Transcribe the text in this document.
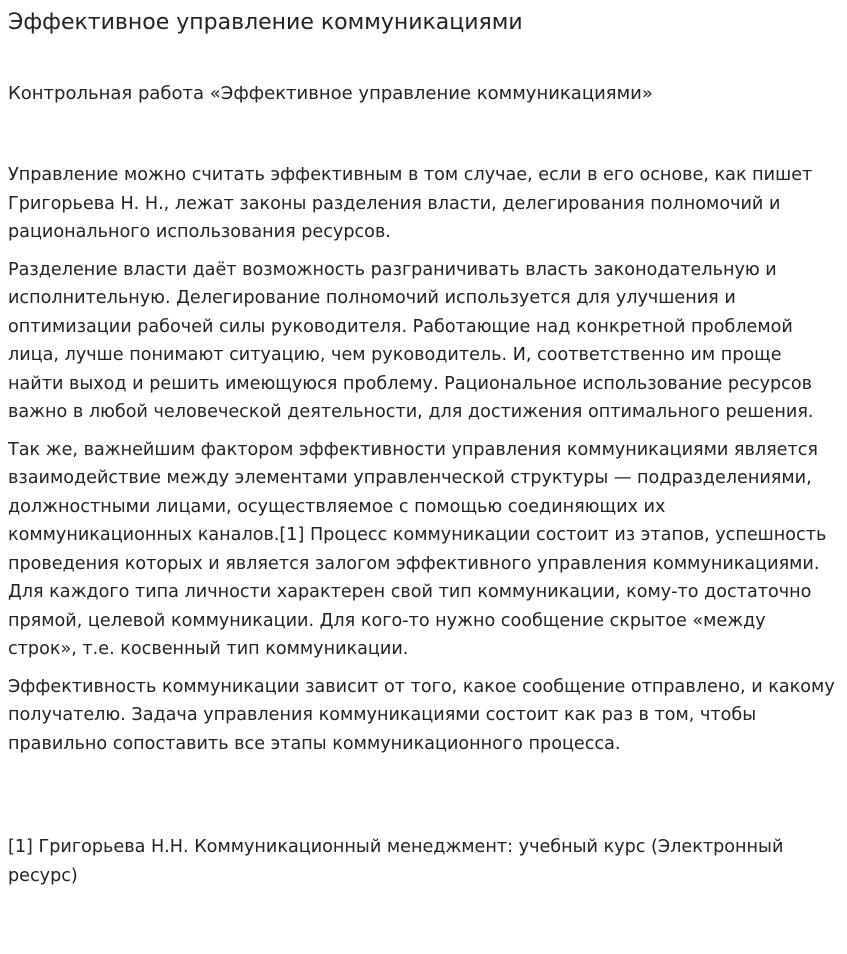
Эффективное управление коммуникациями
Контрольная работа «Эффективное управление коммуникациями»

Управление можно считать эффективным в том случае, если в его основе, как пишет Григорьева Н. Н., лежат законы разделения власти, делегирования полномочий и рационального использования ресурсов.

Разделение власти даёт возможность разграничивать власть законодательную и исполнительную. Делегирование полномочий используется для улучшения и оптимизации рабочей силы руководителя. Работающие над конкретной проблемой лица, лучше понимают ситуацию, чем руководитель. И, соответственно им проще найти выход и решить имеющуюся проблему. Рациональное использование ресурсов важно в любой человеческой деятельности, для достижения оптимального решения.

Так же, важнейшим фактором эффективности управления коммуникациями является взаимодействие между элементами управленческой структуры — подразделениями, должностными лицами, осуществляемое с помощью соединяющих их коммуникационных каналов.[1] Процесс коммуникации состоит из этапов, успешность проведения которых и является залогом эффективного управления коммуникациями. Для каждого типа личности характерен свой тип коммуникации, кому-то достаточно прямой, целевой коммуникации. Для кого-то нужно сообщение скрытое «между строк», т.е. косвенный тип коммуникации.

Эффективность коммуникации зависит от того, какое сообщение отправлено, и какому получателю. Задача управления коммуникациями состоит как раз в том, чтобы правильно сопоставить все этапы коммуникационного процесса.

[1] Григорьева Н.Н. Коммуникационный менеджмент: учебный курс (Электронный ресурс)
